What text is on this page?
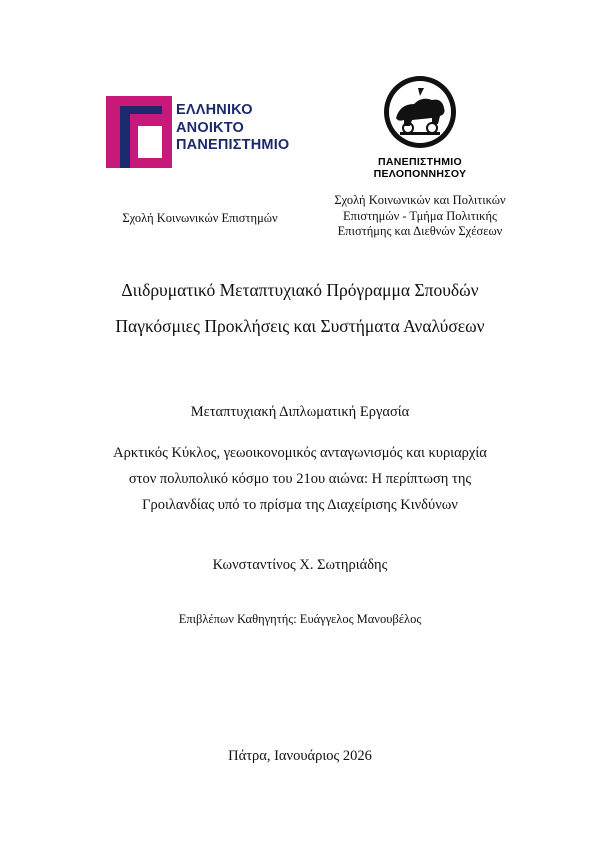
ΕΛΛΗΝΙΚΟ
ΑΝΟΙΚΤΟ
ΠΑΝΕΠΙΣΤΗΜΙΟ
ΠΑΝΕΠΙΣΤΗΜΙΟ
ΠΕΛΟΠΟΝΝΗΣΟΥ
Σχολή Κοινωνικών Επιστημών
Σχολή Κοινωνικών και Πολιτικών
Επιστημών - Τμήμα Πολιτικής
Επιστήμης και Διεθνών Σχέσεων
Διιδρυματικό Μεταπτυχιακό Πρόγραμμα Σπουδών
Παγκόσμιες Προκλήσεις και Συστήματα Αναλύσεων
Μεταπτυχιακή Διπλωματική Εργασία
Αρκτικός Κύκλος, γεωοικονομικός ανταγωνισμός και κυριαρχία
στον πολυπολικό κόσμο του 21ου αιώνα: Η περίπτωση της
Γροιλανδίας υπό το πρίσμα της Διαχείρισης Κινδύνων
Κωνσταντίνος Χ. Σωτηριάδης
Επιβλέπων Καθηγητής: Ευάγγελος Μανουβέλος
Πάτρα, Ιανουάριος 2026
